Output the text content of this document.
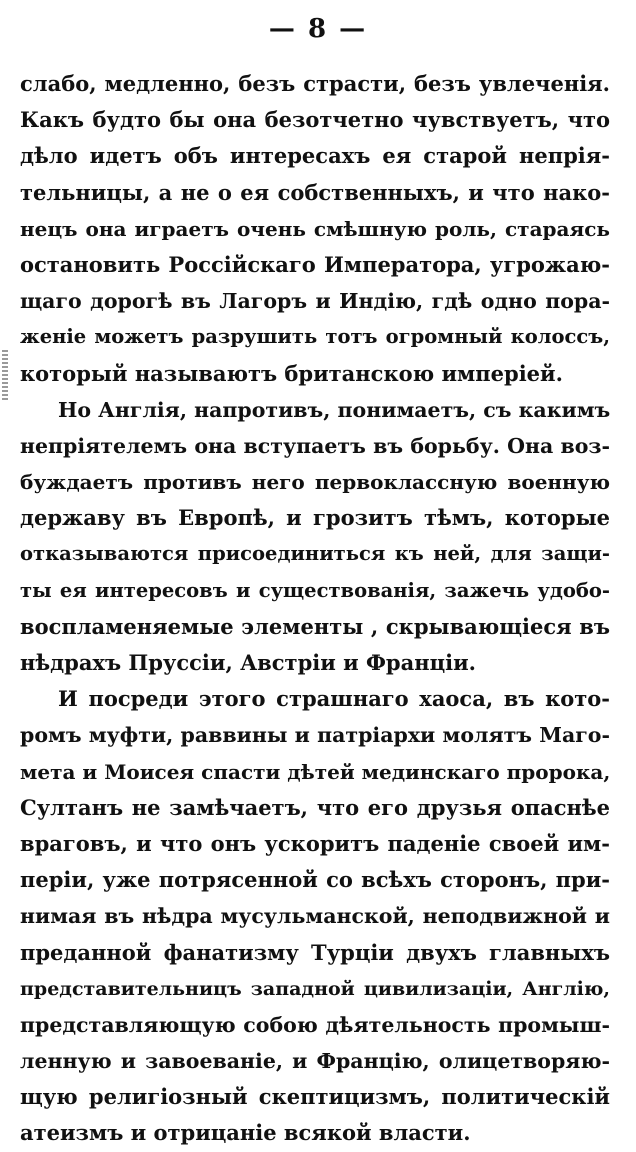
— 8 —
слабо, медленно, безъ страсти, безъ увлеченія.
Какъ будто бы она безотчетно чувствуетъ, что
дѣло идетъ объ интересахъ ея старой непрія-
тельницы, а не о ея собственныхъ, и что нако-
нецъ она играетъ очень смѣшную роль, стараясь
остановить Россійскаго Императора, угрожаю-
щаго дорогѣ въ Лагоръ и Индію, гдѣ одно пора-
женіе можетъ разрушить тотъ огромный колоссъ,
который называютъ британскою имперіей.
Но Англія, напротивъ, понимаетъ, съ какимъ
непріятелемъ она вступаетъ въ борьбу. Она воз-
буждаетъ противъ него первоклассную военную
державу въ Европѣ, и грозитъ тѣмъ, которые
отказываются присоединиться къ ней, для защи-
ты ея интересовъ и существованія, зажечь удобо-
воспламеняемые элементы , скрывающіеся въ
нѣдрахъ Пруссіи, Австріи и Франціи.
И посреди этого страшнаго хаоса, въ кото-
ромъ муфти, раввины и патріархи молятъ Магo-
мета и Моисея спасти дѣтей мединскаго пророка,
Султанъ не замѣчаетъ, что его друзья опаснѣе
враговъ, и что онъ ускоритъ паденіе своей им-
періи, уже потрясенной со всѣхъ сторонъ, при-
нимая въ нѣдра мусульманской, неподвижной и
преданной фанатизму Турціи двухъ главныхъ
представительницъ западной цивилизаціи, Англію,
представляющую собою дѣятельность промыш-
ленную и завоеваніе, и Францію, олицетворяю-
щую религіозный скептицизмъ, политическій
атеизмъ и отрицаніе всякой власти.
